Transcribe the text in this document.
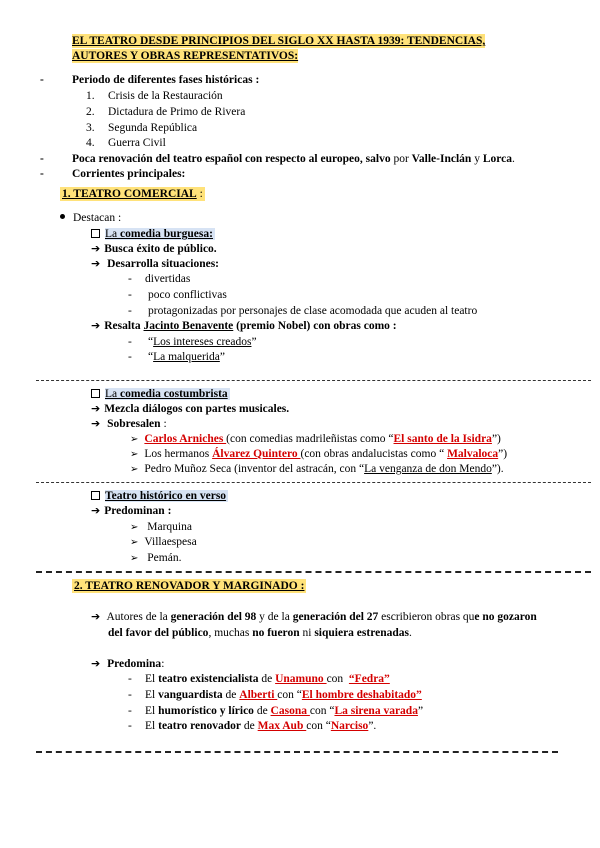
EL TEATRO DESDE PRINCIPIOS DEL SIGLO XX HASTA 1939: TENDENCIAS,
AUTORES Y OBRAS REPRESENTATIVOS:
- Periodo de diferentes fases históricas :
1. Crisis de la Restauración
2. Dictadura de Primo de Rivera
3. Segunda República
4. Guerra Civil
- Poca renovación del teatro español con respecto al europeo, salvo por Valle-Inclán y Lorca.
- Corrientes principales:
1. TEATRO COMERCIAL :
Destacan :
La comedia burguesa:
➔ Busca éxito de público.
➔ Desarrolla situaciones:
- divertidas
- poco conflictivas
- protagonizadas por personajes de clase acomodada que acuden al teatro
➔ Resalta Jacinto Benavente (premio Nobel) con obras como :
- “Los intereses creados”
- “La malquerida”
La comedia costumbrista
➔ Mezcla diálogos con partes musicales.
➔ Sobresalen :
➢ Carlos Arniches (con comedias madrileñistas como “El santo de la Isidra”)
➢ Los hermanos Álvarez Quintero (con obras andalucistas como “ Malvaloca”)
➢ Pedro Muñoz Seca (inventor del astracán, con “La venganza de don Mendo”).
Teatro histórico en verso
➔ Predominan :
➢ Marquina
➢ Villaespesa
➢ Pemán.
2. TEATRO RENOVADOR Y MARGINADO :
➔ Autores de la generación del 98 y de la generación del 27 escribieron obras que no gozaron
del favor del público, muchas no fueron ni siquiera estrenadas.
➔ Predomina:
- El teatro existencialista de Unamuno con “Fedra”
- El vanguardista de Alberti con “El hombre deshabitado”
- El humorístico y lírico de Casona con “La sirena varada”
- El teatro renovador de Max Aub con “Narciso”.
